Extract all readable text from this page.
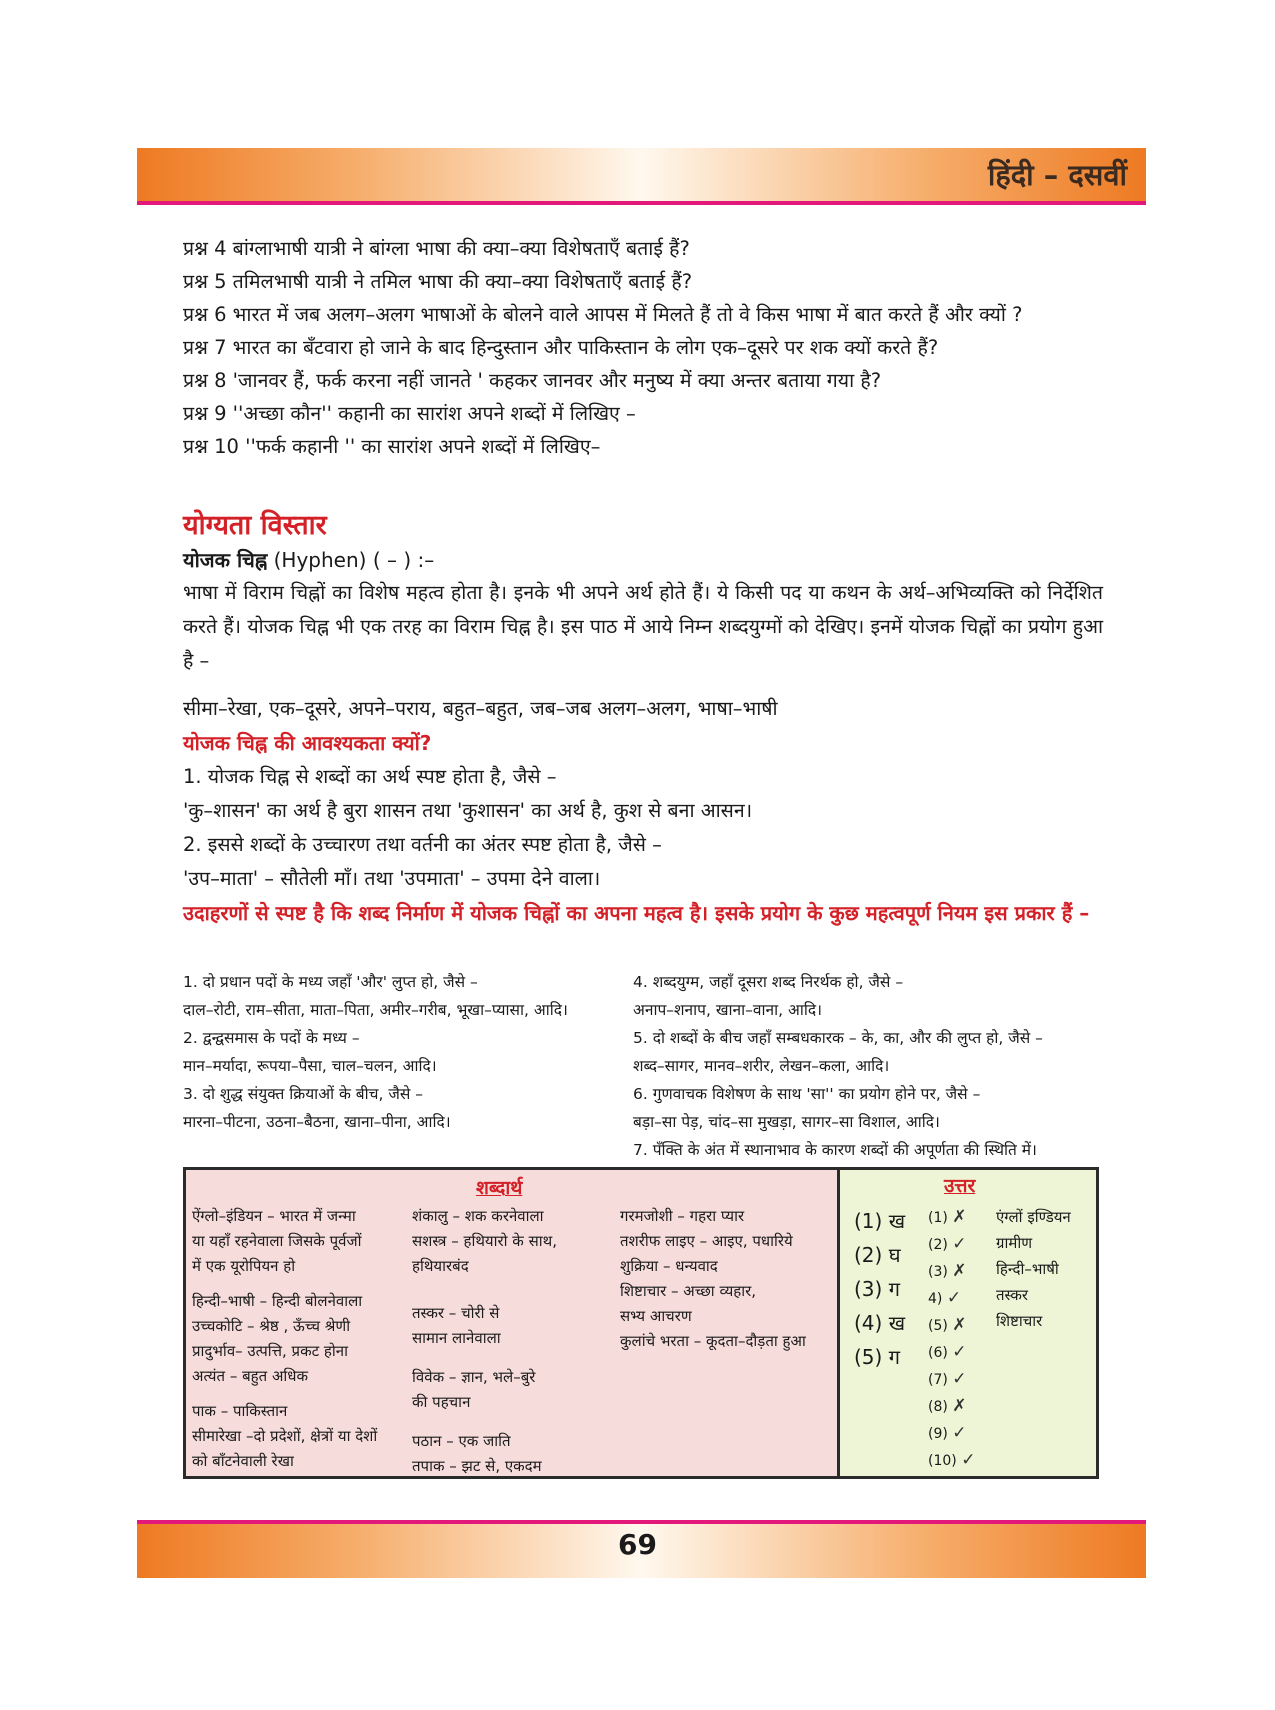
हिंदी – दसवीं

प्रश्न 4 बांग्लाभाषी यात्री ने बांग्ला भाषा की क्या–क्या विशेषताएँ बताई हैं?

प्रश्न 5 तमिलभाषी यात्री ने तमिल भाषा की क्या–क्या विशेषताएँ बताई हैं?

प्रश्न 6 भारत में जब अलग–अलग भाषाओं के बोलने वाले आपस में मिलते हैं तो वे किस भाषा में बात करते हैं और क्यों ?

प्रश्न 7 भारत का बँटवारा हो जाने के बाद हिन्दुस्तान और पाकिस्तान के लोग एक–दूसरे पर शक क्यों करते हैं?

प्रश्न 8 'जानवर हैं, फर्क करना नहीं जानते ' कहकर जानवर और मनुष्य में क्या अन्तर बताया गया है?

प्रश्न 9 ''अच्छा कौन'' कहानी का सारांश अपने शब्दों में लिखिए –

प्रश्न 10 ''फर्क कहानी '' का सारांश अपने शब्दों में लिखिए–

योग्यता विस्तार

योजक चिह्न (Hyphen) ( – ) :–

भाषा में विराम चिह्नों का विशेष महत्व होता है। इनके भी अपने अर्थ होते हैं। ये किसी पद या कथन के अर्थ–अभिव्यक्ति को निर्देशित करते हैं। योजक चिह्न भी एक तरह का विराम चिह्न है। इस पाठ में आये निम्न शब्दयुग्मों को देखिए। इनमें योजक चिह्नों का प्रयोग हुआ है –

सीमा–रेखा, एक–दूसरे, अपने–पराय, बहुत–बहुत, जब–जब अलग–अलग, भाषा–भाषी

योजक चिह्न की आवश्यकता क्यों?

1. योजक चिह्न से शब्दों का अर्थ स्पष्ट होता है, जैसे –

'कु–शासन' का अर्थ है बुरा शासन तथा 'कुशासन' का अर्थ है, कुश से बना आसन।

2. इससे शब्दों के उच्चारण तथा वर्तनी का अंतर स्पष्ट होता है, जैसे –

'उप–माता' – सौतेली माँ। तथा 'उपमाता' – उपमा देने वाला।

उदाहरणों से स्पष्ट है कि शब्द निर्माण में योजक चिह्नों का अपना महत्व है। इसके प्रयोग के कुछ महत्वपूर्ण नियम इस प्रकार हैं –

1. दो प्रधान पदों के मध्य जहाँ 'और' लुप्त हो, जैसे –
दाल–रोटी, राम–सीता, माता–पिता, अमीर–गरीब, भूखा–प्यासा, आदि।
2. द्वन्द्वसमास के पदों के मध्य –
मान–मर्यादा, रूपया–पैसा, चाल–चलन, आदि।
3. दो शुद्ध संयुक्त क्रियाओं के बीच, जैसे –
मारना–पीटना, उठना–बैठना, खाना–पीना, आदि।
4. शब्दयुग्म, जहाँ दूसरा शब्द निरर्थक हो, जैसे –
अनाप–शनाप, खाना–वाना, आदि।
5. दो शब्दों के बीच जहाँ सम्बधकारक – के, का, और की लुप्त हो, जैसे –
शब्द–सागर, मानव–शरीर, लेखन–कला, आदि।
6. गुणवाचक विशेषण के साथ 'सा'' का प्रयोग होने पर, जैसे –
बड़ा–सा पेड़, चांद–सा मुखड़ा, सागर–सा विशाल, आदि।
7. पँक्ति के अंत में स्थानाभाव के कारण शब्दों की अपूर्णता की स्थिति में।
शब्दार्थ
ऐंग्लो–इंडियन – भारत में जन्मा
या यहाँ रहनेवाला जिसके पूर्वजों
में एक यूरोपियन हो
हिन्दी–भाषी – हिन्दी बोलनेवाला
उच्चकोटि – श्रेष्ठ , ऊँच्च श्रेणी
प्रादुर्भाव– उत्पत्ति, प्रकट होना
अत्यंत – बहुत अधिक
पाक – पाकिस्तान
सीमारेखा –दो प्रदेशों, क्षेत्रों या देशों
को बाँटनेवाली रेखा
शंकालु – शक करनेवाला
सशस्त्र – हथियारो के साथ,
हथियारबंद
तस्कर – चोरी से
सामान लानेवाला
विवेक – ज्ञान, भले–बुरे
की पहचान
पठान – एक जाति
तपाक – झट से, एकदम
गरमजोशी – गहरा प्यार
तशरीफ लाइए – आइए, पधारिये
शुक्रिया – धन्यवाद
शिष्टाचार – अच्छा व्यहार,
सभ्य आचरण
कुलांचे भरता – कूदता–दौड़ता हुआ
उत्तर
(1) ख
(2) घ
(3) ग
(4) ख
(5) ग
(1) ✗
(2) ✓
(3) ✗
4) ✓
(5) ✗
(6) ✓
(7) ✓
(8) ✗
(9) ✓
(10) ✓
एंग्लों इण्डियन
ग्रामीण
हिन्दी–भाषी
तस्कर
शिष्टाचार
69
